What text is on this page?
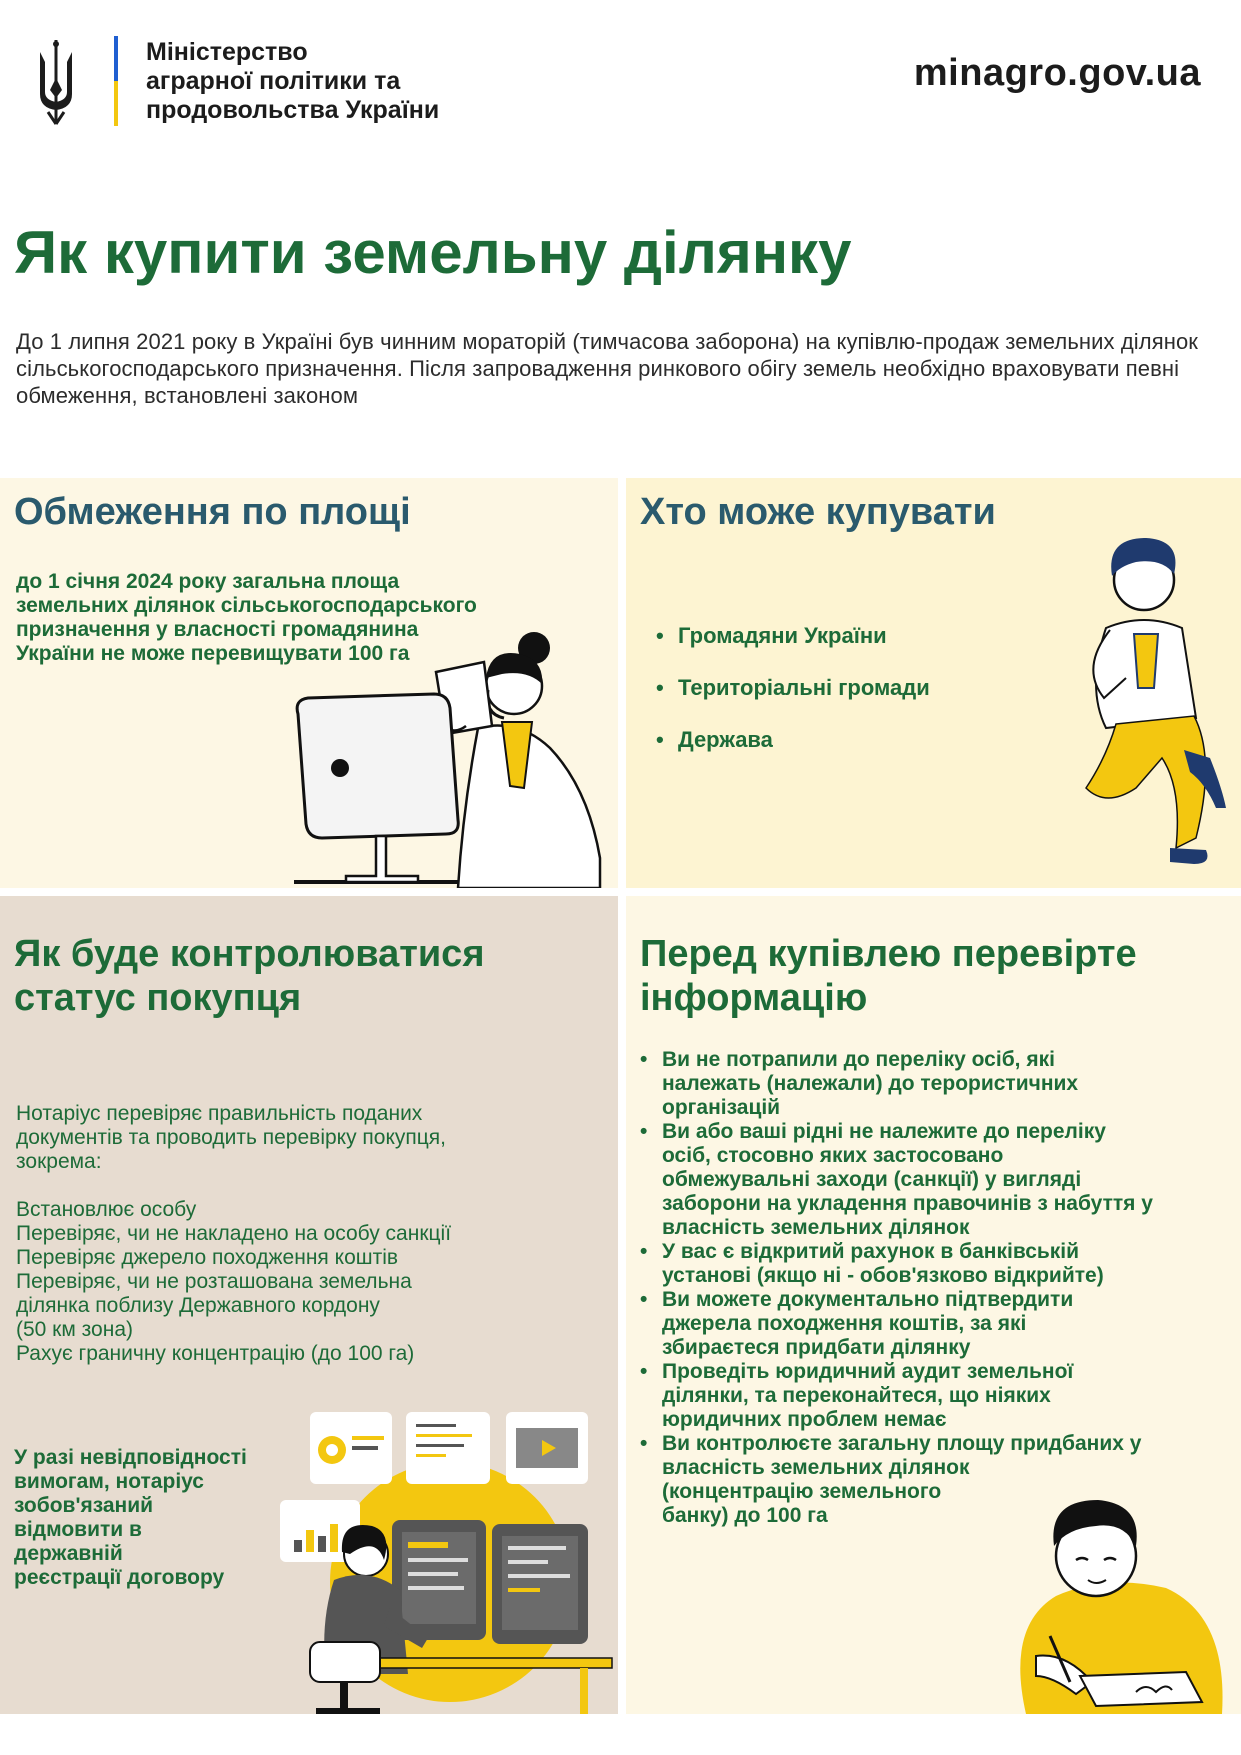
Міністерство
аграрної політики та
продовольства України
minagro.gov.ua
Як купити земельну ділянку
До 1 липня 2021 року в Україні був чинним мораторій (тимчасова заборона) на купівлю-продаж земельних ділянок сільськогосподарського призначення. Після запровадження ринкового обігу земель необхідно враховувати певні обмеження, встановлені законом
Обмеження по площі
до 1 січня 2024 року загальна площа земельних ділянок сільськогосподарського призначення у власності громадянина України не може перевищувати 100 га
Хто може купувати
• Громадяни України
• Територіальні громади
• Держава
Як буде контролюватися
статус покупця
Нотаріус перевіряє правильність поданих
документів та проводить перевірку покупця,
зокрема:
Встановлює особу
Перевіряє, чи не накладено на особу санкції
Перевіряє джерело походження коштів
Перевіряє, чи не розташована земельна
ділянка поблизу Державного кордону
(50 км зона)
Рахує граничну концентрацію (до 100 га)
У разі невідповідності
вимогам, нотаріус
зобов'язаний
відмовити в
державній
реєстрації договору
Перед купівлею перевірте
інформацію
• Ви не потрапили до переліку осіб, які
належать (належали) до терористичних
організацій
• Ви або ваші рідні не належите до переліку
осіб, стосовно яких застосовано
обмежувальні заходи (санкції) у вигляді
заборони на укладення правочинів з набуття у
власність земельних ділянок
• У вас є відкритий рахунок в банківській
установі (якщо ні - обов'язково відкрийте)
• Ви можете документально підтвердити
джерела походження коштів, за які
збираєтеся придбати ділянку
• Проведіть юридичний аудит земельної
ділянки, та переконайтеся, що ніяких
юридичних проблем немає
• Ви контролюєте загальну площу придбаних у
власність земельних ділянок
(концентрацію земельного
банку) до 100 га
